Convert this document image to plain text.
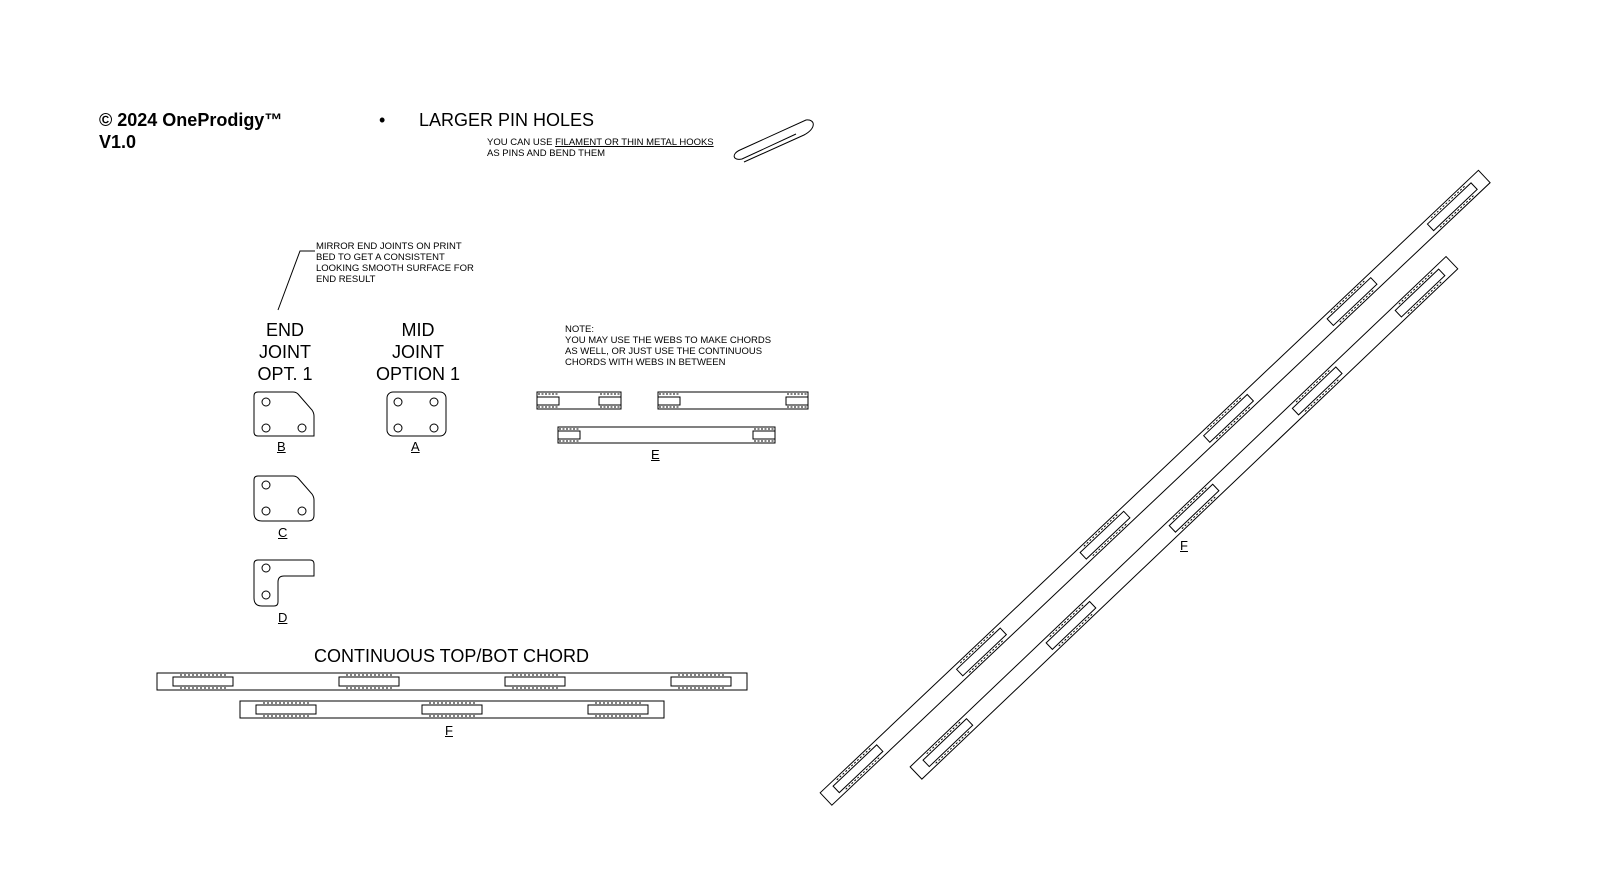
© 2024 OneProdigy™
V1.0
• LARGER PIN HOLES
YOU CAN USE FILAMENT OR THIN METAL HOOKS
AS PINS AND BEND THEM
MIRROR END JOINTS ON PRINT
BED TO GET A CONSISTENT
LOOKING SMOOTH SURFACE FOR
END RESULT
END
JOINT
OPT. 1
MID
JOINT
OPTION 1
NOTE:
YOU MAY USE THE WEBS TO MAKE CHORDS
AS WELL, OR JUST USE THE CONTINUOUS
CHORDS WITH WEBS IN BETWEEN
B	A
C
D
E
F
F
CONTINUOUS TOP/BOT CHORD
